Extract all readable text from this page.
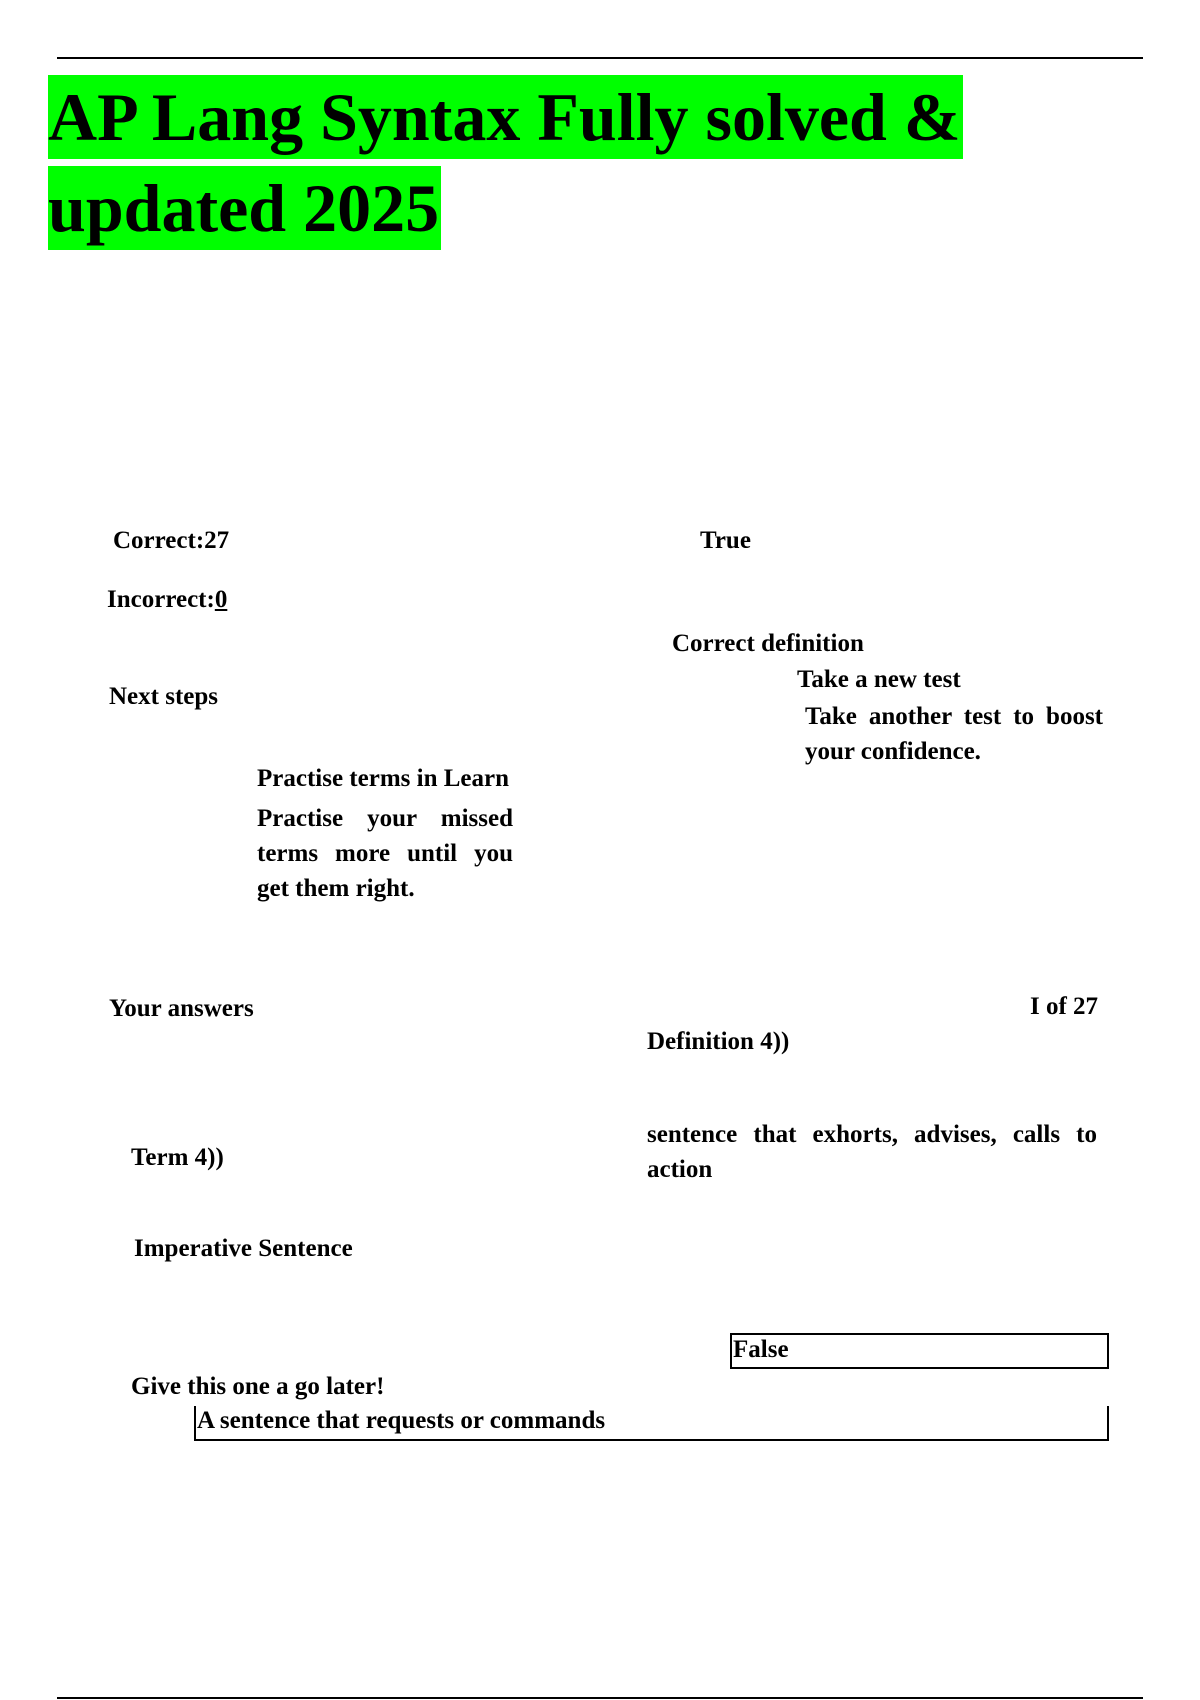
AP Lang Syntax Fully solved &
updated 2025
Correct:27
Incorrect:0
True
Correct definition
Next steps
Take a new test
Take another test to boost your confidence.
Practise terms in Learn
Practise your missed terms more until you get them right.
Your answers	I of 27
Definition 4))
sentence that exhorts, advises, calls to action
Term 4))
Imperative Sentence
False
Give this one a go later!
A sentence that requests or commands
